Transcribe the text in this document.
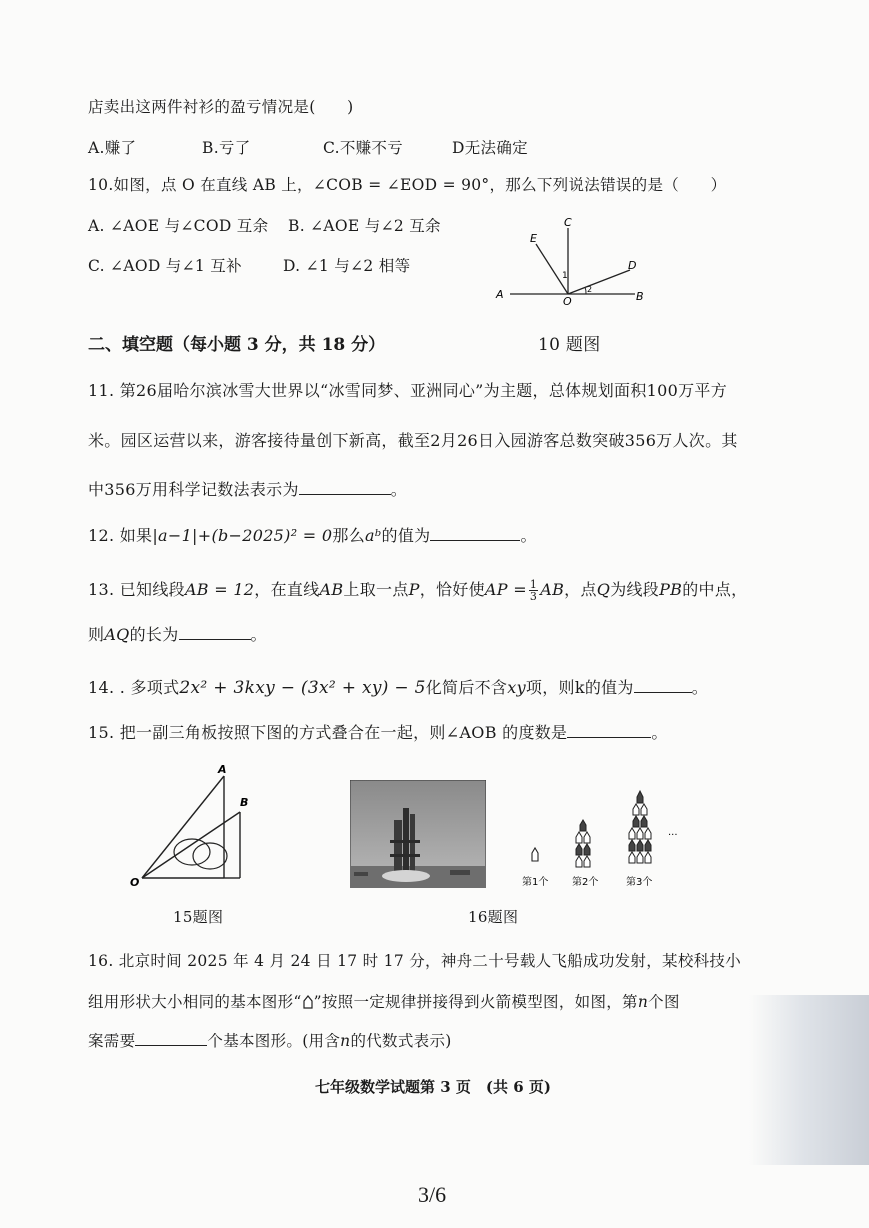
店卖出这两件衬衫的盈亏情况是(　　)
A.赚了	B.亏了	C.不赚不亏	D无法确定
10.如图，点 O 在直线 AB 上，∠COB = ∠EOD = 90°，那么下列说法错误的是（　　）
A. ∠AOE 与∠COD 互余 B. ∠AOE 与∠2 互余
C. ∠AOD 与∠1 互补	D. ∠1 与∠2 相等
C
E
D
A
O	B
1
2
二、填空题（每小题 3 分，共 18 分）	10 题图
11. 第26届哈尔滨冰雪大世界以“冰雪同梦、亚洲同心”为主题，总体规划面积100万平方
米。园区运营以来，游客接待量创下新高，截至2月26日入园游客总数突破356万人次。其
中356万用科学记数法表示为	。
12. 如果|a−1|+(b−2025)² = 0那么aᵇ的值为	。
13. 已知线段AB = 12，在直线AB上取一点P，恰好使AP = $\frac{1}{3}$ AB，点Q为线段PB的中点，
则AQ的长为	。
14. . 多项式2x² + 3kxy − (3x² + xy) − 5化简后不含xy项，则k的值为	。
15. 把一副三角板按照下图的方式叠合在一起，则∠AOB 的度数是	。
A
B
O
15题图
第1个 第2个	第3个
...
16题图
16. 北京时间 2025 年 4 月 24 日 17 时 17 分，神舟二十号载人飞船成功发射，某校科技小
组用形状大小相同的基本图形“ ”按照一定规律拼接得到火箭模型图，如图，第n个图
案需要	个基本图形。(用含n的代数式表示)
七年级数学试题第 3 页　(共 6 页)
3/6
